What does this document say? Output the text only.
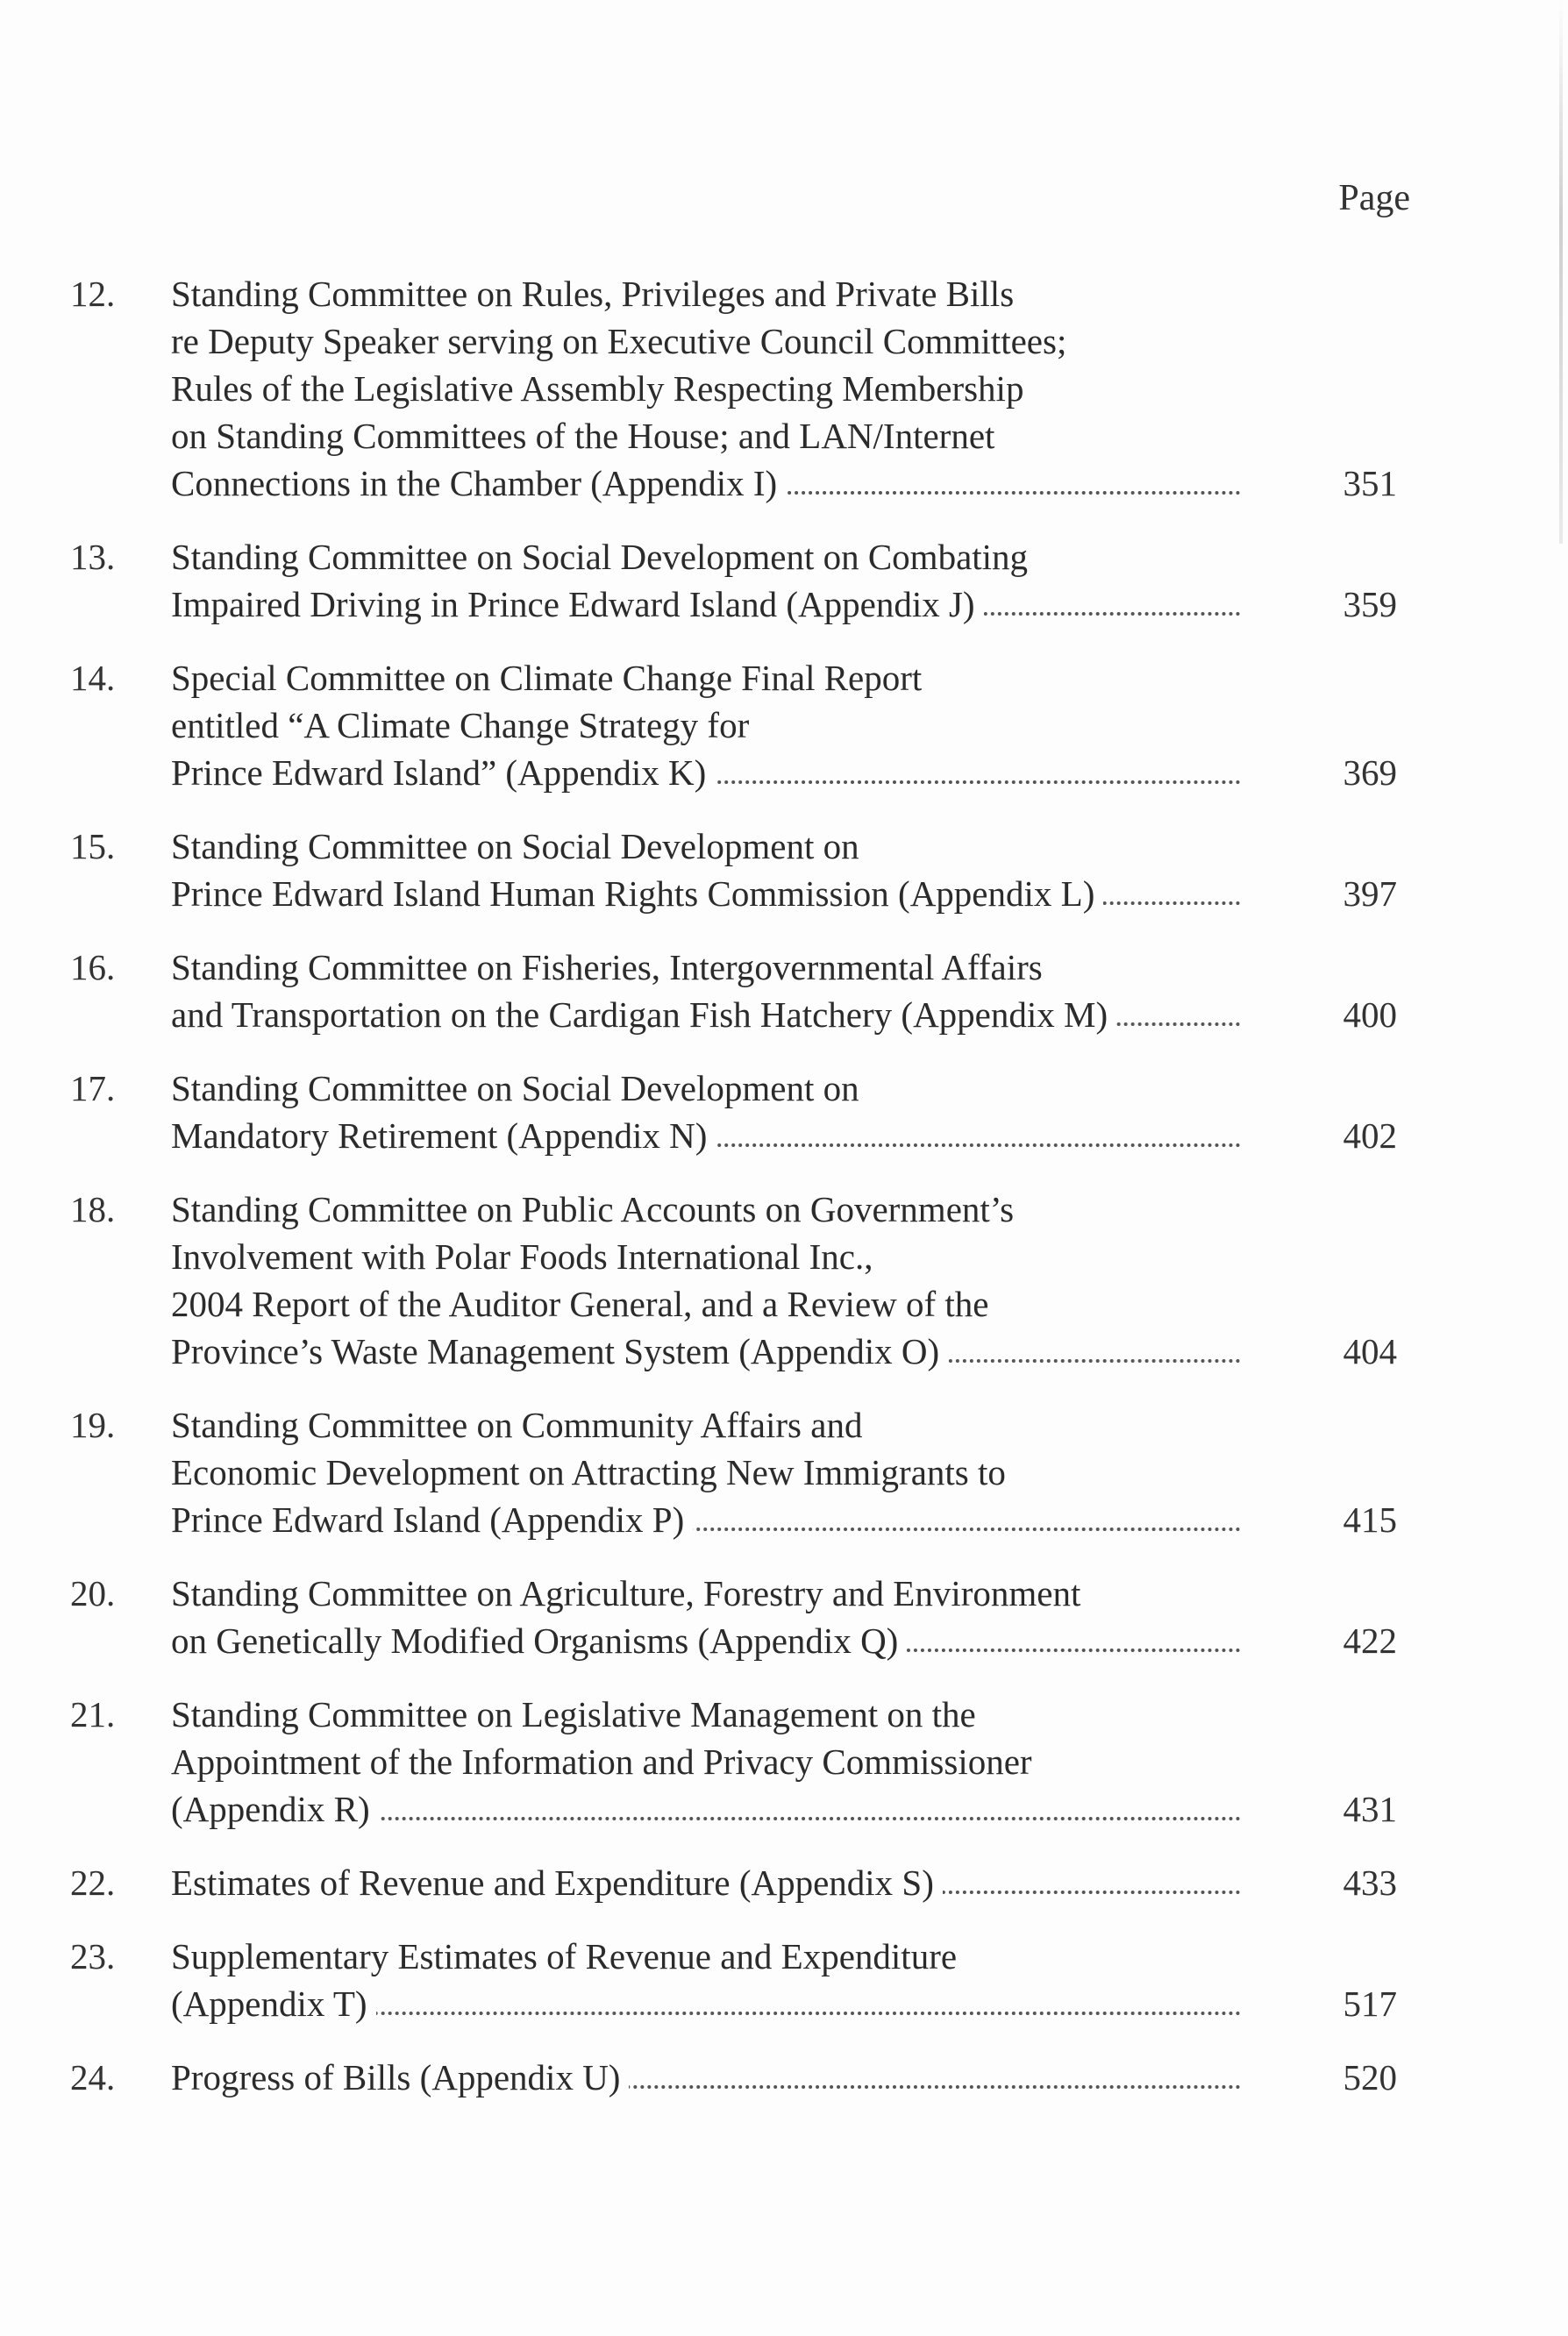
Page
12.	Standing Committee on Rules, Privileges and Private Bills
re Deputy Speaker serving on Executive Council Committees;
Rules of the Legislative Assembly Respecting Membership
on Standing Committees of the House; and LAN/Internet
Connections in the Chamber (Appendix I)	351
13.	Standing Committee on Social Development on Combating
Impaired Driving in Prince Edward Island (Appendix J)	359
14.	Special Committee on Climate Change Final Report
entitled “A Climate Change Strategy for
Prince Edward Island” (Appendix K)	369
15.	Standing Committee on Social Development on
Prince Edward Island Human Rights Commission (Appendix L)	397
16.	Standing Committee on Fisheries, Intergovernmental Affairs
and Transportation on the Cardigan Fish Hatchery (Appendix M)	400
17.	Standing Committee on Social Development on
Mandatory Retirement (Appendix N)	402
18.	Standing Committee on Public Accounts on Government’s
Involvement with Polar Foods International Inc.,
2004 Report of the Auditor General, and a Review of the
Province’s Waste Management System (Appendix O)	404
19.	Standing Committee on Community Affairs and
Economic Development on Attracting New Immigrants to
Prince Edward Island (Appendix P)	415
20.	Standing Committee on Agriculture, Forestry and Environment
on Genetically Modified Organisms (Appendix Q)	422
21.	Standing Committee on Legislative Management on the
Appointment of the Information and Privacy Commissioner
(Appendix R)	431
22.	Estimates of Revenue and Expenditure (Appendix S)	433
23.	Supplementary Estimates of Revenue and Expenditure
(Appendix T)	517
24.	Progress of Bills (Appendix U)	520
